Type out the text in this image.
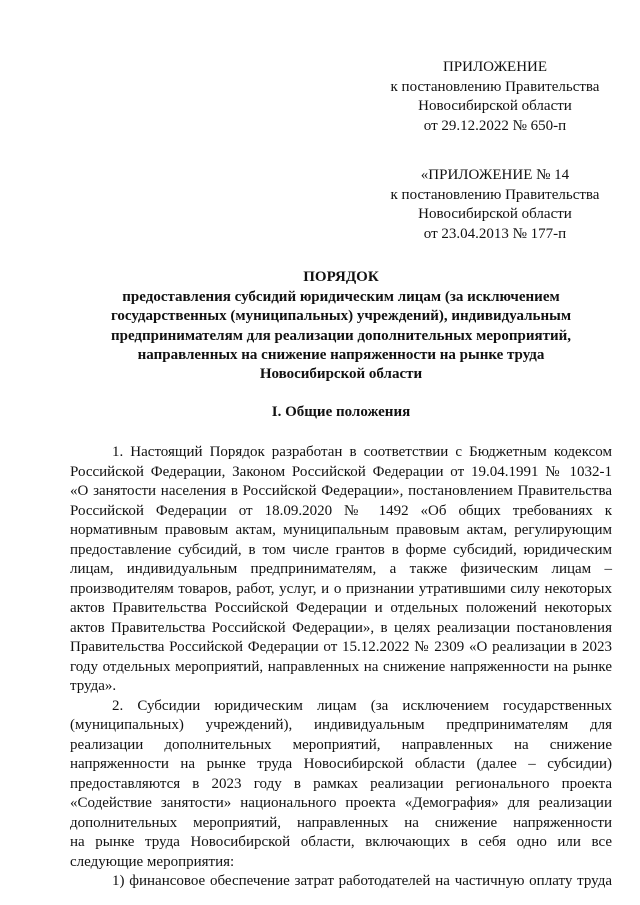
ПРИЛОЖЕНИЕ
к постановлению Правительства
Новосибирской области
от 29.12.2022 № 650-п
«ПРИЛОЖЕНИЕ № 14
к постановлению Правительства
Новосибирской области
от 23.04.2013 № 177-п
ПОРЯДОК
предоставления субсидий юридическим лицам (за исключением
государственных (муниципальных) учреждений), индивидуальным
предпринимателям для реализации дополнительных мероприятий,
направленных на снижение напряженности на рынке труда
Новосибирской области
I. Общие положения
1. Настоящий Порядок разработан в соответствии с Бюджетным кодексом
Российской Федерации, Законом Российской Федерации от 19.04.1991 № 1032-1
«О занятости населения в Российской Федерации», постановлением Правительства
Российской Федерации от 18.09.2020 № 1492 «Об общих требованиях к
нормативным правовым актам, муниципальным правовым актам, регулирующим
предоставление субсидий, в том числе грантов в форме субсидий, юридическим
лицам, индивидуальным предпринимателям, а также физическим лицам –
производителям товаров, работ, услуг, и о признании утратившими силу некоторых
актов Правительства Российской Федерации и отдельных положений некоторых
актов Правительства Российской Федерации», в целях реализации постановления
Правительства Российской Федерации от 15.12.2022 № 2309 «О реализации в 2023
году отдельных мероприятий, направленных на снижение напряженности на рынке
труда».
2. Субсидии юридическим лицам (за исключением государственных
(муниципальных) учреждений), индивидуальным предпринимателям для
реализации дополнительных мероприятий, направленных на снижение
напряженности на рынке труда Новосибирской области (далее – субсидии)
предоставляются в 2023 году в рамках реализации регионального проекта
«Содействие занятости» национального проекта «Демография» для реализации
дополнительных мероприятий, направленных на снижение напряженности
на рынке труда Новосибирской области, включающих в себя одно или все
следующие мероприятия:
1) финансовое обеспечение затрат работодателей на частичную оплату труда
